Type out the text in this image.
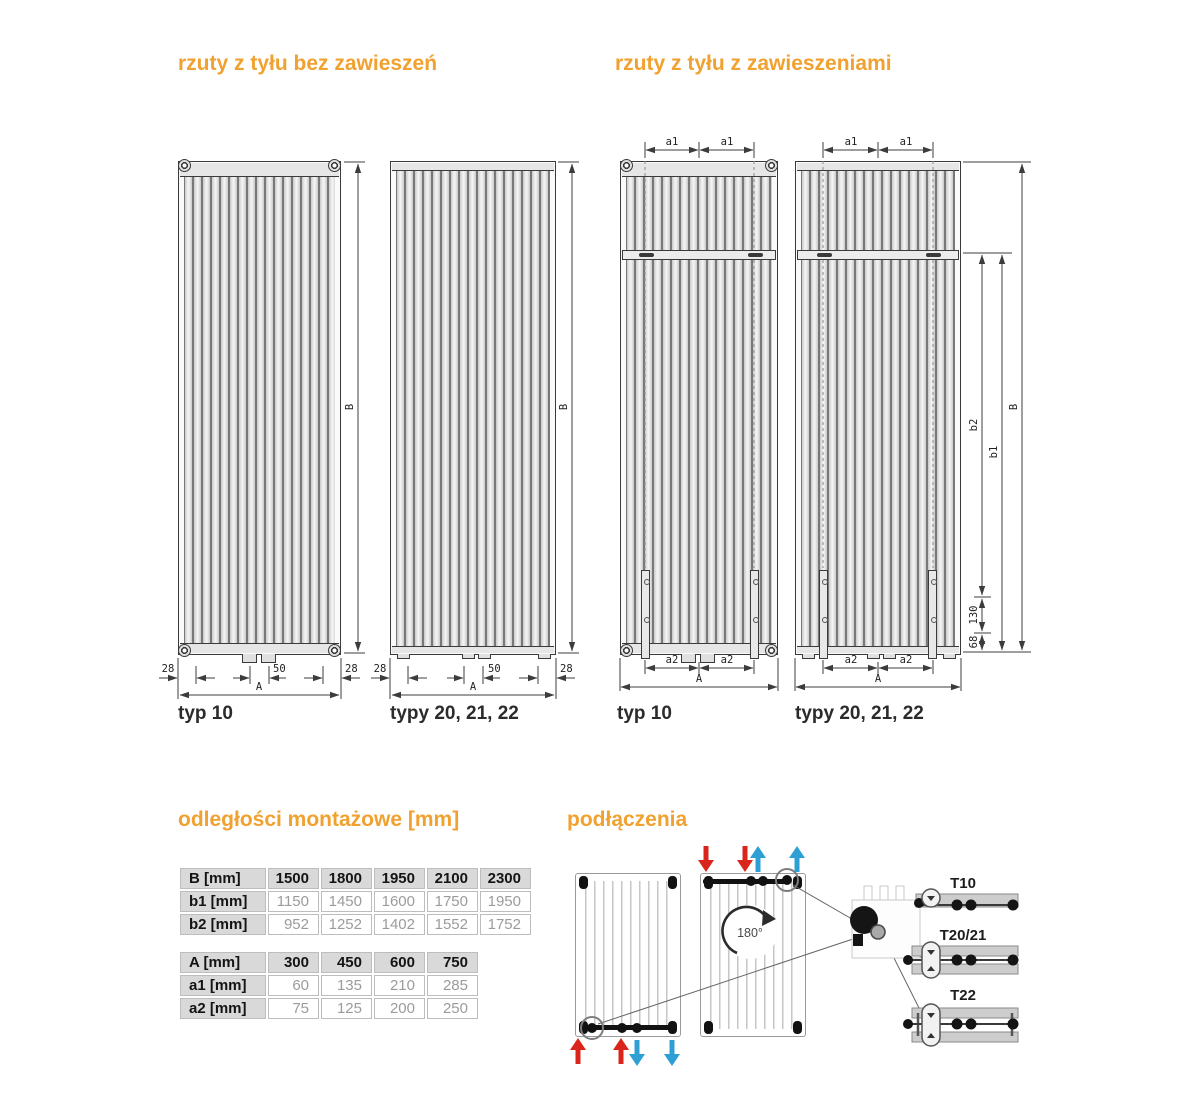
rzuty z tyłu bez zawieszeń	rzuty z tyłu z zawieszeniami
odległości montażowe [mm]	podłączenia
typ 10	typy 20, 21, 22	typ 10	typy 20, 21, 22
B [mm]	1500	1800	1950	2100	2300
b1 [mm]	1150	1450	1600	1750	1950
b2 [mm]	952	1252	1402	1552	1752
A [mm]	300	450	600	750
a1 [mm]	60	135	210	285
a2 [mm]	75	125	200	250
B
28	50	28
A
B
28	50	28
A
a1	a1
a2	a2
A
a1	a1
a2	a2
A
B
b1
b2
130
68
180°
T10
T20/21
T22
